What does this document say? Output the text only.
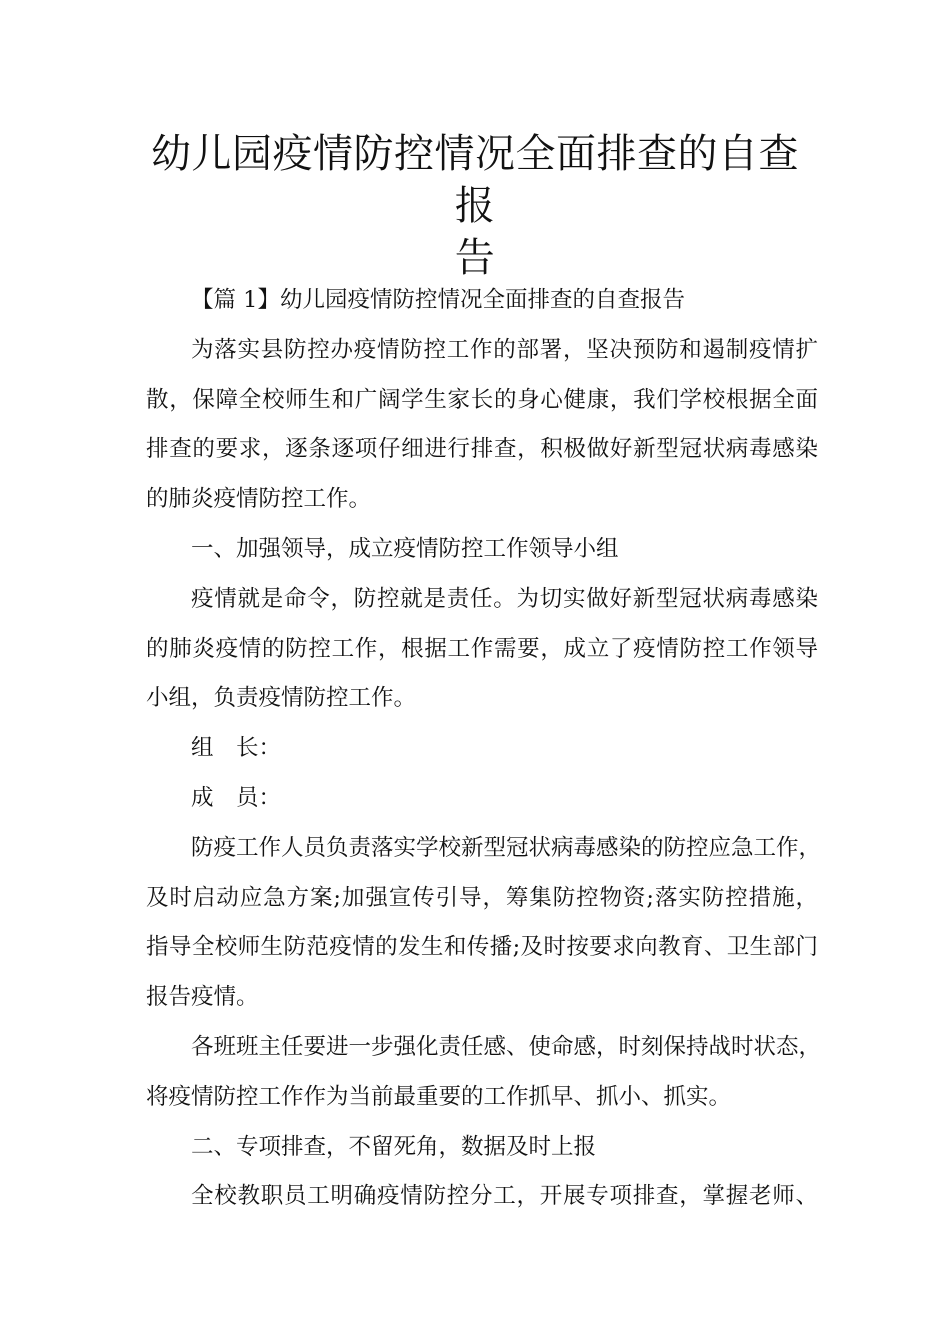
幼儿园疫情防控情况全面排查的自查报
告
【篇 1】幼儿园疫情防控情况全面排查的自查报告
为落实县防控办疫情防控工作的部署，坚决预防和遏制疫情扩
散，保障全校师生和广阔学生家长的身心健康，我们学校根据全面
排查的要求，逐条逐项仔细进行排查，积极做好新型冠状病毒感染
的肺炎疫情防控工作。
一、加强领导，成立疫情防控工作领导小组
疫情就是命令，防控就是责任。为切实做好新型冠状病毒感染
的肺炎疫情的防控工作，根据工作需要，成立了疫情防控工作领导
小组，负责疫情防控工作。
组　长：
成　员：
防疫工作人员负责落实学校新型冠状病毒感染的防控应急工作，
及时启动应急方案;加强宣传引导，筹集防控物资;落实防控措施，
指导全校师生防范疫情的发生和传播;及时按要求向教育、卫生部门
报告疫情。
各班班主任要进一步强化责任感、使命感，时刻保持战时状态，
将疫情防控工作作为当前最重要的工作抓早、抓小、抓实。
二、专项排查，不留死角，数据及时上报
全校教职员工明确疫情防控分工，开展专项排查，掌握老师、
